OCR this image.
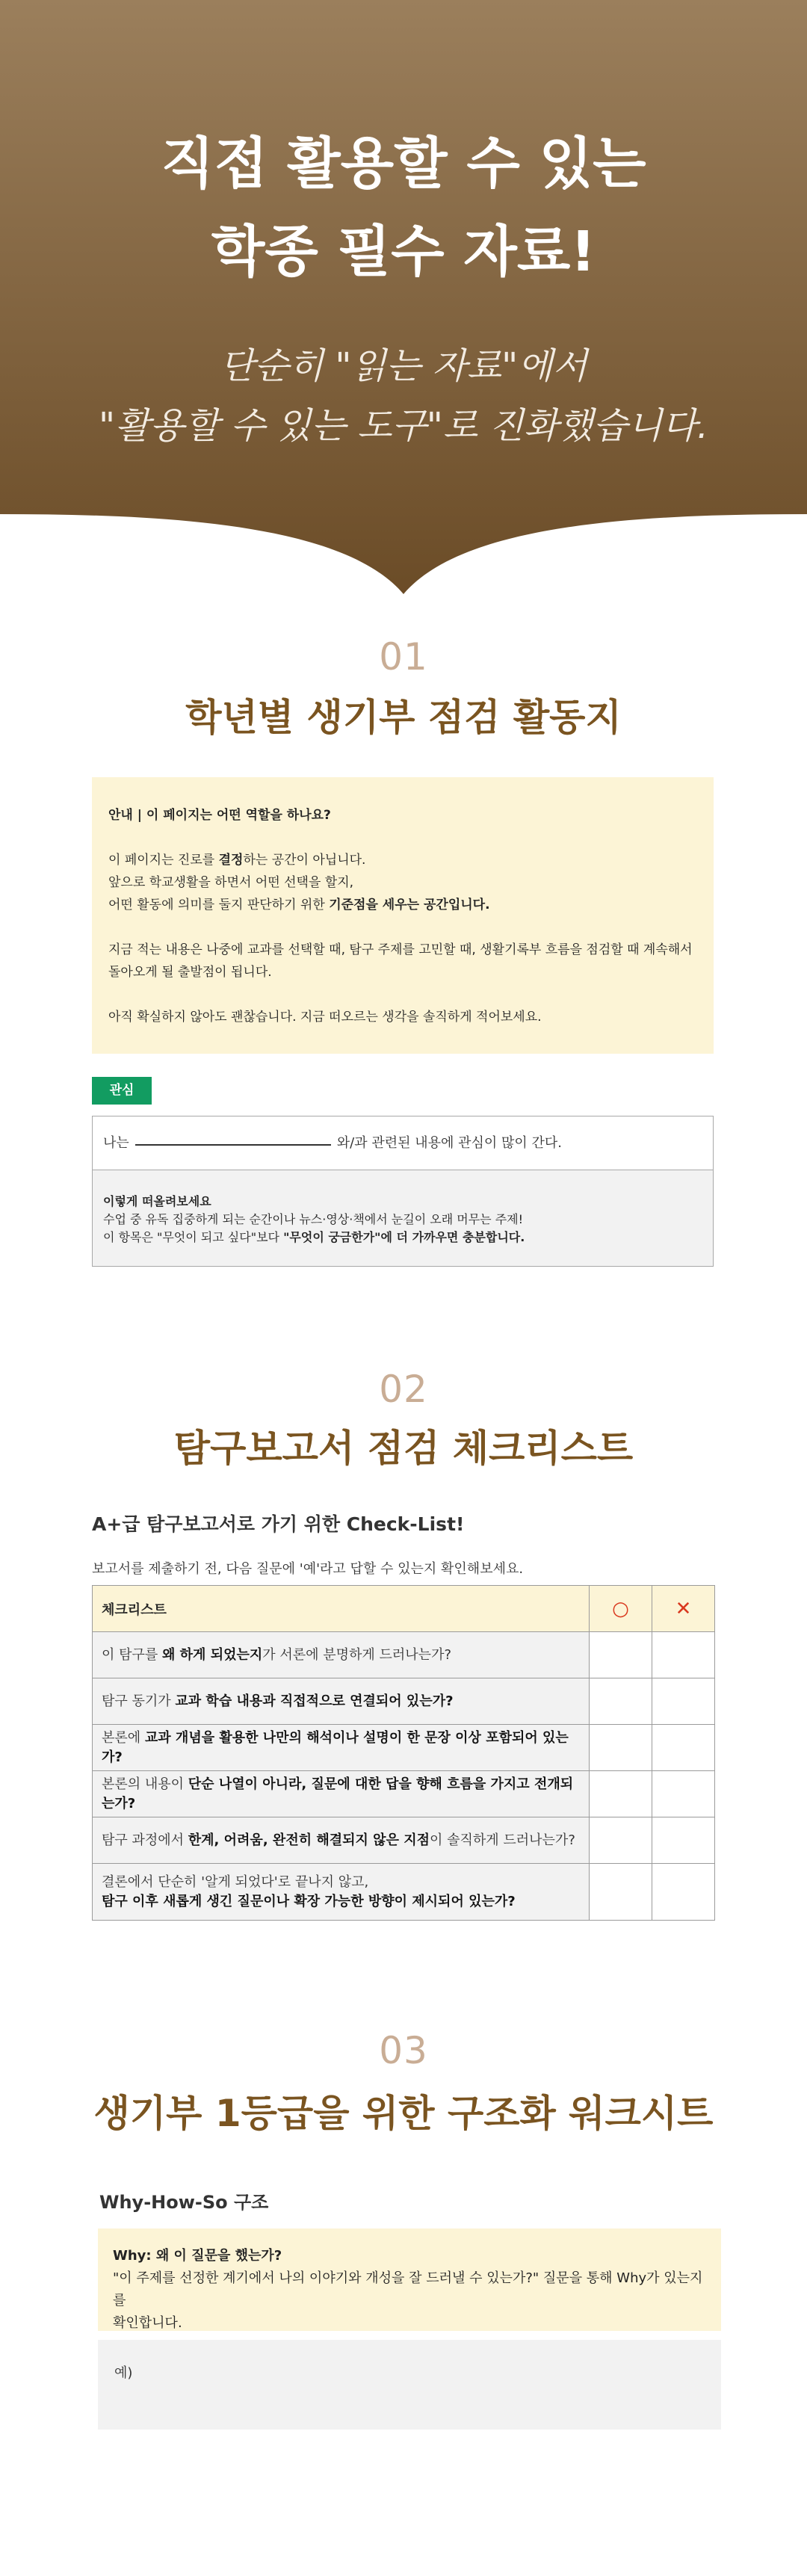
직접 활용할 수 있는
학종 필수 자료!
단순히 "읽는 자료"에서
"활용할 수 있는 도구"로 진화했습니다.
01
학년별 생기부 점검 활동지

안내 | 이 페이지는 어떤 역할을 하나요?

이 페이지는 진로를 결정하는 공간이 아닙니다.

앞으로 학교생활을 하면서 어떤 선택을 할지,

어떤 활동에 의미를 둘지 판단하기 위한 기준점을 세우는 공간입니다.

지금 적는 내용은 나중에 교과를 선택할 때, 탐구 주제를 고민할 때, 생활기록부 흐름을 점검할 때 계속해서

돌아오게 될 출발점이 됩니다.

아직 확실하지 않아도 괜찮습니다. 지금 떠오르는 생각을 솔직하게 적어보세요.

관심
나는	와/과 관련된 내용에 관심이 많이 간다.
이렇게 떠올려보세요
수업 중 유독 집중하게 되는 순간이나 뉴스·영상·책에서 눈길이 오래 머무는 주제!
이 항목은 "무엇이 되고 싶다"보다 "무엇이 궁금한가"에 더 가까우면 충분합니다.
02
탐구보고서 점검 체크리스트
A+급 탐구보고서로 가기 위한 Check-List!
보고서를 제출하기 전, 다음 질문에 '예'라고 답할 수 있는지 확인해보세요.
체크리스트	○	✕
이 탐구를 왜 하게 되었는지가 서론에 분명하게 드러나는가?		
탐구 동기가 교과 학습 내용과 직접적으로 연결되어 있는가?		
본론에 교과 개념을 활용한 나만의 해석이나 설명이 한 문장 이상 포함되어 있는가?		
본론의 내용이 단순 나열이 아니라, 질문에 대한 답을 향해 흐름을 가지고 전개되는가?		
탐구 과정에서 한계, 어려움, 완전히 해결되지 않은 지점이 솔직하게 드러나는가?		

결론에서 단순히 '알게 되었다'로 끝나지 않고,
탐구 이후 새롭게 생긴 질문이나 확장 가능한 방향이 제시되어 있는가?		

03
생기부 1등급을 위한 구조화 워크시트
Why-How-So 구조
Why: 왜 이 질문을 했는가?
"이 주제를 선정한 계기에서 나의 이야기와 개성을 잘 드러낼 수 있는가?" 질문을 통해 Why가 있는지를
확인합니다.
예)
